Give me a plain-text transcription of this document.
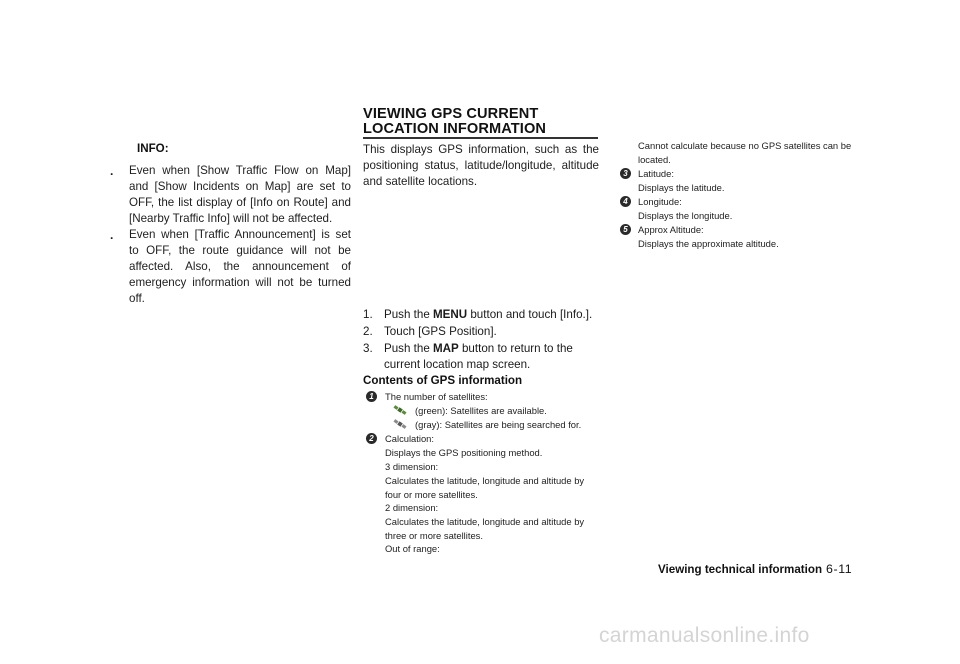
INFO:
. Even when [Show Traffic Flow on Map] and [Show Incidents on Map] are set to OFF, the list display of [Info on Route] and [Nearby Traffic Info] will not be affected.
. Even when [Traffic Announcement] is set to OFF, the route guidance will not be affected. Also, the announcement of emergency information will not be turned off.
VIEWING GPS CURRENT LOCATION INFORMATION
This displays GPS information, such as the positioning status, latitude/longitude, altitude and satellite locations.
1. Push the MENU button and touch [Info.].
2. Touch [GPS Position].
3. Push the MAP button to return to the current location map screen.
Contents of GPS information
1	The number of satellites:
(green): Satellites are available.
(gray): Satellites are being searched for.
2	Calculation:
Displays the GPS positioning method.
3 dimension:
Calculates the latitude, longitude and altitude by four or more satellites.
2 dimension:
Calculates the latitude, longitude and altitude by three or more satellites.
Out of range:
Cannot calculate because no GPS satellites can be located.
3	Latitude:
Displays the latitude.
4	Longitude:
Displays the longitude.
5	Approx Altitude:
Displays the approximate altitude.
Viewing technical information 6-11
carmanualsonline.info
